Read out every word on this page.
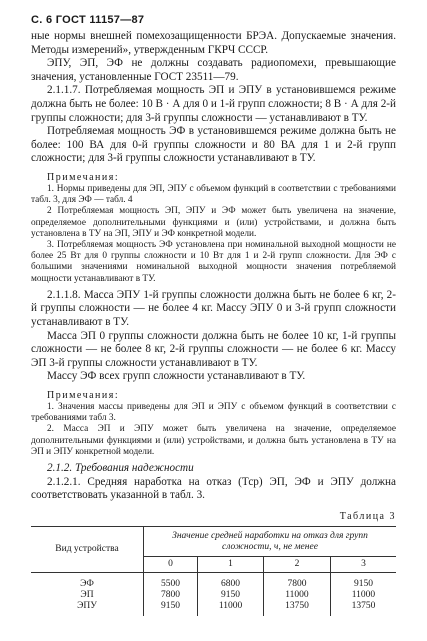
С. 6 ГОСТ 11157—87

ные нормы внешней помехозащищенности БРЭА. Допускаемые значения. Методы измерений», утвержденным ГКРЧ СССР.

ЭПУ, ЭП, ЭФ не должны создавать радиопомехи, превышающие значения, установленные ГОСТ 23511—79.

2.1.1.7. Потребляемая мощность ЭП и ЭПУ в установившемся режиме должна быть не более: 10 В · А для 0 и 1-й групп сложности; 8 В · А для 2-й группы сложности; для 3-й группы сложности — устанавливают в ТУ.

Потребляемая мощность ЭФ в установившемся режиме должна быть не более: 100 ВА для 0-й группы сложности и 80 ВА для 1 и 2-й групп сложности; для 3-й группы сложности устанавливают в ТУ.

Примечания:

1. Нормы приведены для ЭП, ЭПУ с объемом функций в соответствии с требованиями табл. 3, для ЭФ — табл. 4

2 Потребляемая мощность ЭП, ЭПУ и ЭФ может быть увеличена на значение, определяемое дополнительными функциями и (или) устройствами, и должна быть установлена в ТУ на ЭП, ЭПУ и ЭФ конкретной модели.

3. Потребляемая мощность ЭФ установлена при номинальной выходной мощности не более 25 Вт для 0 группы сложности и 10 Вт для 1 и 2-й групп сложности. Для ЭФ с большими значениями номинальной выходной мощности значения потребляемой мощности устанавливают в ТУ.

2.1.1.8. Масса ЭПУ 1-й группы сложности должна быть не более 6 кг, 2-й группы сложности — не более 4 кг. Массу ЭПУ 0 и 3-й групп сложности устанавливают в ТУ.

Масса ЭП 0 группы сложности должна быть не более 10 кг, 1-й группы сложности — не более 8 кг, 2-й группы сложности — не более 6 кг. Массу ЭП 3-й группы сложности устанавливают в ТУ.

Массу ЭФ всех групп сложности устанавливают в ТУ.

Примечания:

1. Значения массы приведены для ЭП и ЭПУ с объемом функций в соответствии с требованиями табл 3.

2. Масса ЭП и ЭПУ может быть увеличена на значение, определяемое дополнительными функциями и (или) устройствами, и должна быть установлена в ТУ на ЭП и ЭПУ конкретной модели.

2.1.2. Требования надежности

2.1.2.1. Средняя наработка на отказ (Тср) ЭП, ЭФ и ЭПУ должна соответствовать указанной в табл. 3.

Таблица 3
Вид устройства	Значение средней наработки на отказ для групп сложности, ч, не менее			
	0	1	2	3
ЭФ	5500	6800	7800	9150
ЭП	7800	9150	11000	11000
ЭПУ	9150	11000	13750	13750
